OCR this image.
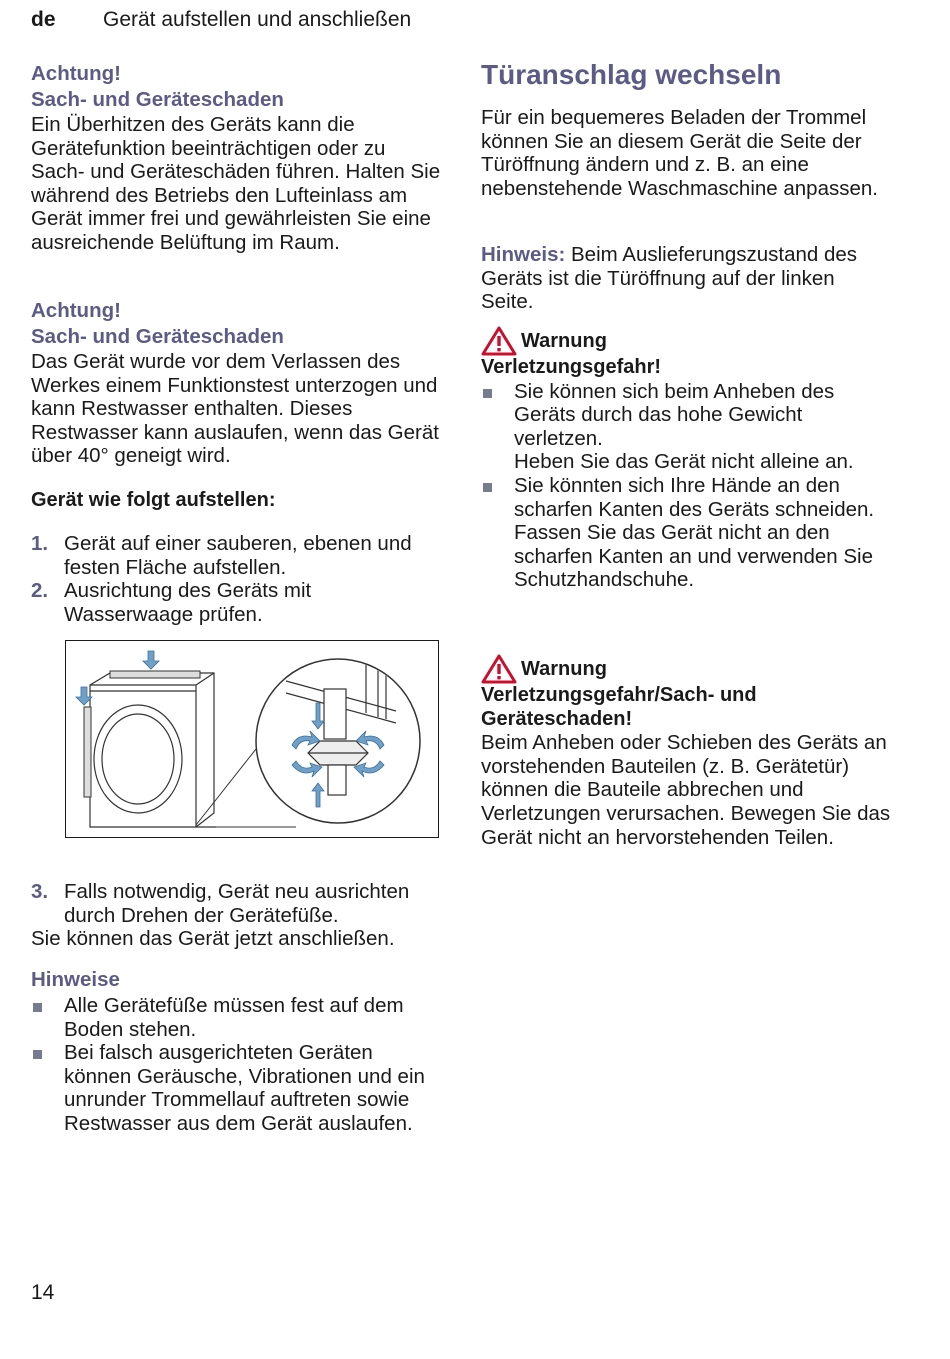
de Gerät aufstellen und anschließen

Achtung!

Sach- und Geräteschaden

Ein Überhitzen des Geräts kann die Gerätefunktion beeinträchtigen oder zu Sach- und Geräteschäden führen. Halten Sie während des Betriebs den Lufteinlass am Gerät immer frei und gewährleisten Sie eine ausreichende Belüftung im Raum.

Achtung!

Sach- und Geräteschaden

Das Gerät wurde vor dem Verlassen des Werkes einem Funktionstest unterzogen und kann Restwasser enthalten. Dieses Restwasser kann auslaufen, wenn das Gerät über 40° geneigt wird.

Gerät wie folgt aufstellen:

1. Gerät auf einer sauberen, ebenen und festen Fläche aufstellen.
2. Ausrichtung des Geräts mit Wasserwaage prüfen.
3. Falls notwendig, Gerät neu ausrichten durch Drehen der Gerätefüße.

Sie können das Gerät jetzt anschließen.

Hinweise

Alle Gerätefüße müssen fest auf dem Boden stehen.
Bei falsch ausgerichteten Geräten können Geräusche, Vibrationen und ein unrunder Trommellauf auftreten sowie Restwasser aus dem Gerät auslaufen.
Türanschlag wechseln

Für ein bequemeres Beladen der Trommel können Sie an diesem Gerät die Seite der Türöffnung ändern und z. B. an eine nebenstehende Waschmaschine anpassen.

Hinweis: Beim Auslieferungszustand des Geräts ist die Türöffnung auf der linken Seite.

Warnung

Verletzungsgefahr!

Sie können sich beim Anheben des Geräts durch das hohe Gewicht verletzen.
Heben Sie das Gerät nicht alleine an.
Sie könnten sich Ihre Hände an den scharfen Kanten des Geräts schneiden.
Fassen Sie das Gerät nicht an den scharfen Kanten an und verwenden Sie Schutzhandschuhe.
Warnung

Verletzungsgefahr/Sach- und Geräteschaden!

Beim Anheben oder Schieben des Geräts an vorstehenden Bauteilen (z. B. Gerätetür) können die Bauteile abbrechen und Verletzungen verursachen. Bewegen Sie das Gerät nicht an hervorstehenden Teilen.

14
